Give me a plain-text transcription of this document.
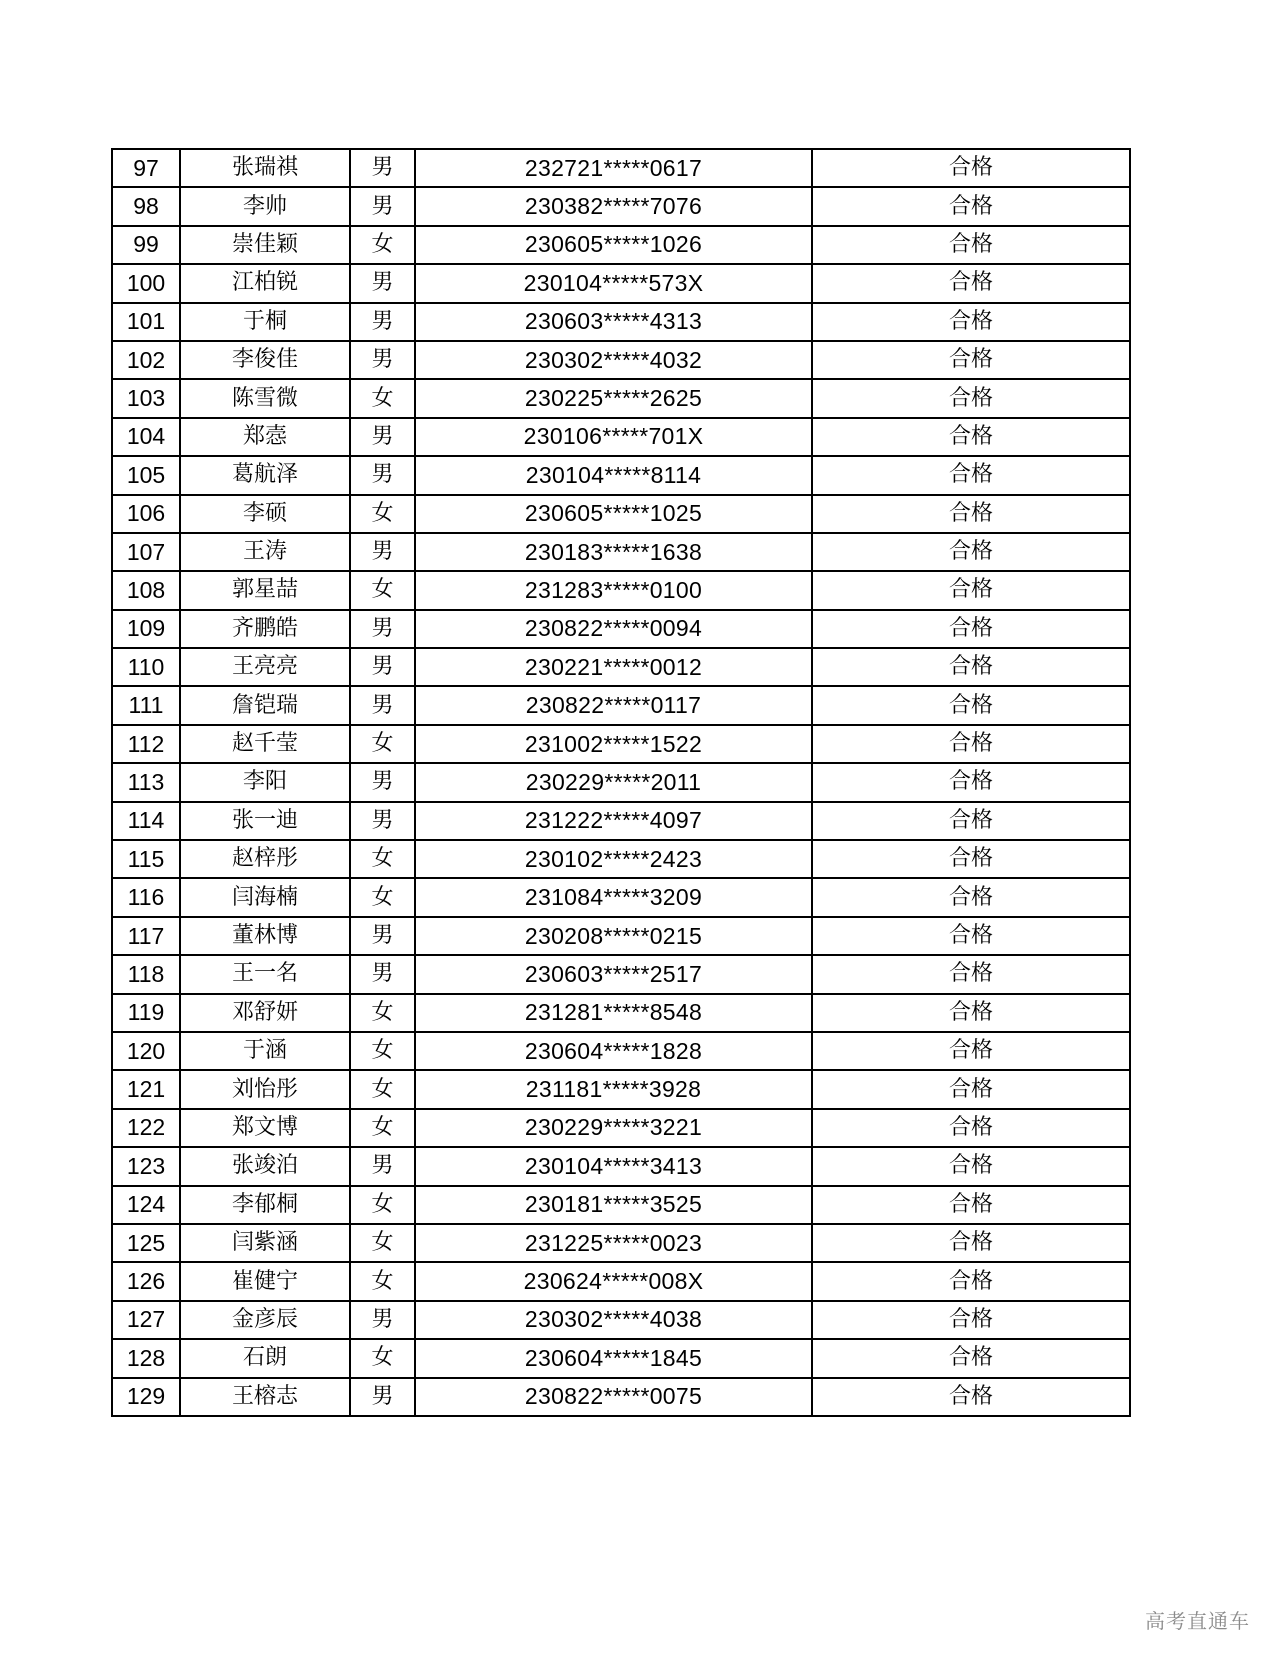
97	张瑞祺	男	232721*****0617	合格
98	李帅	男	230382*****7076	合格
99	崇佳颖	女	230605*****1026	合格
100	江柏锐	男	230104*****573X	合格
101	于桐	男	230603*****4313	合格
102	李俊佳	男	230302*****4032	合格
103	陈雪微	女	230225*****2625	合格
104	郑悫	男	230106*****701X	合格
105	葛航泽	男	230104*****8114	合格
106	李硕	女	230605*****1025	合格
107	王涛	男	230183*****1638	合格
108	郭星喆	女	231283*****0100	合格
109	齐鹏皓	男	230822*****0094	合格
110	王亮亮	男	230221*****0012	合格
111	詹铠瑞	男	230822*****0117	合格
112	赵千莹	女	231002*****1522	合格
113	李阳	男	230229*****2011	合格
114	张一迪	男	231222*****4097	合格
115	赵梓彤	女	230102*****2423	合格
116	闫海楠	女	231084*****3209	合格
117	董林博	男	230208*****0215	合格
118	王一名	男	230603*****2517	合格
119	邓舒妍	女	231281*****8548	合格
120	于涵	女	230604*****1828	合格
121	刘怡彤	女	231181*****3928	合格
122	郑文博	女	230229*****3221	合格
123	张竣泊	男	230104*****3413	合格
124	李郁桐	女	230181*****3525	合格
125	闫紫涵	女	231225*****0023	合格
126	崔健宁	女	230624*****008X	合格
127	金彦辰	男	230302*****4038	合格
128	石朗	女	230604*****1845	合格
129	王榕志	男	230822*****0075	合格
高考直通车
